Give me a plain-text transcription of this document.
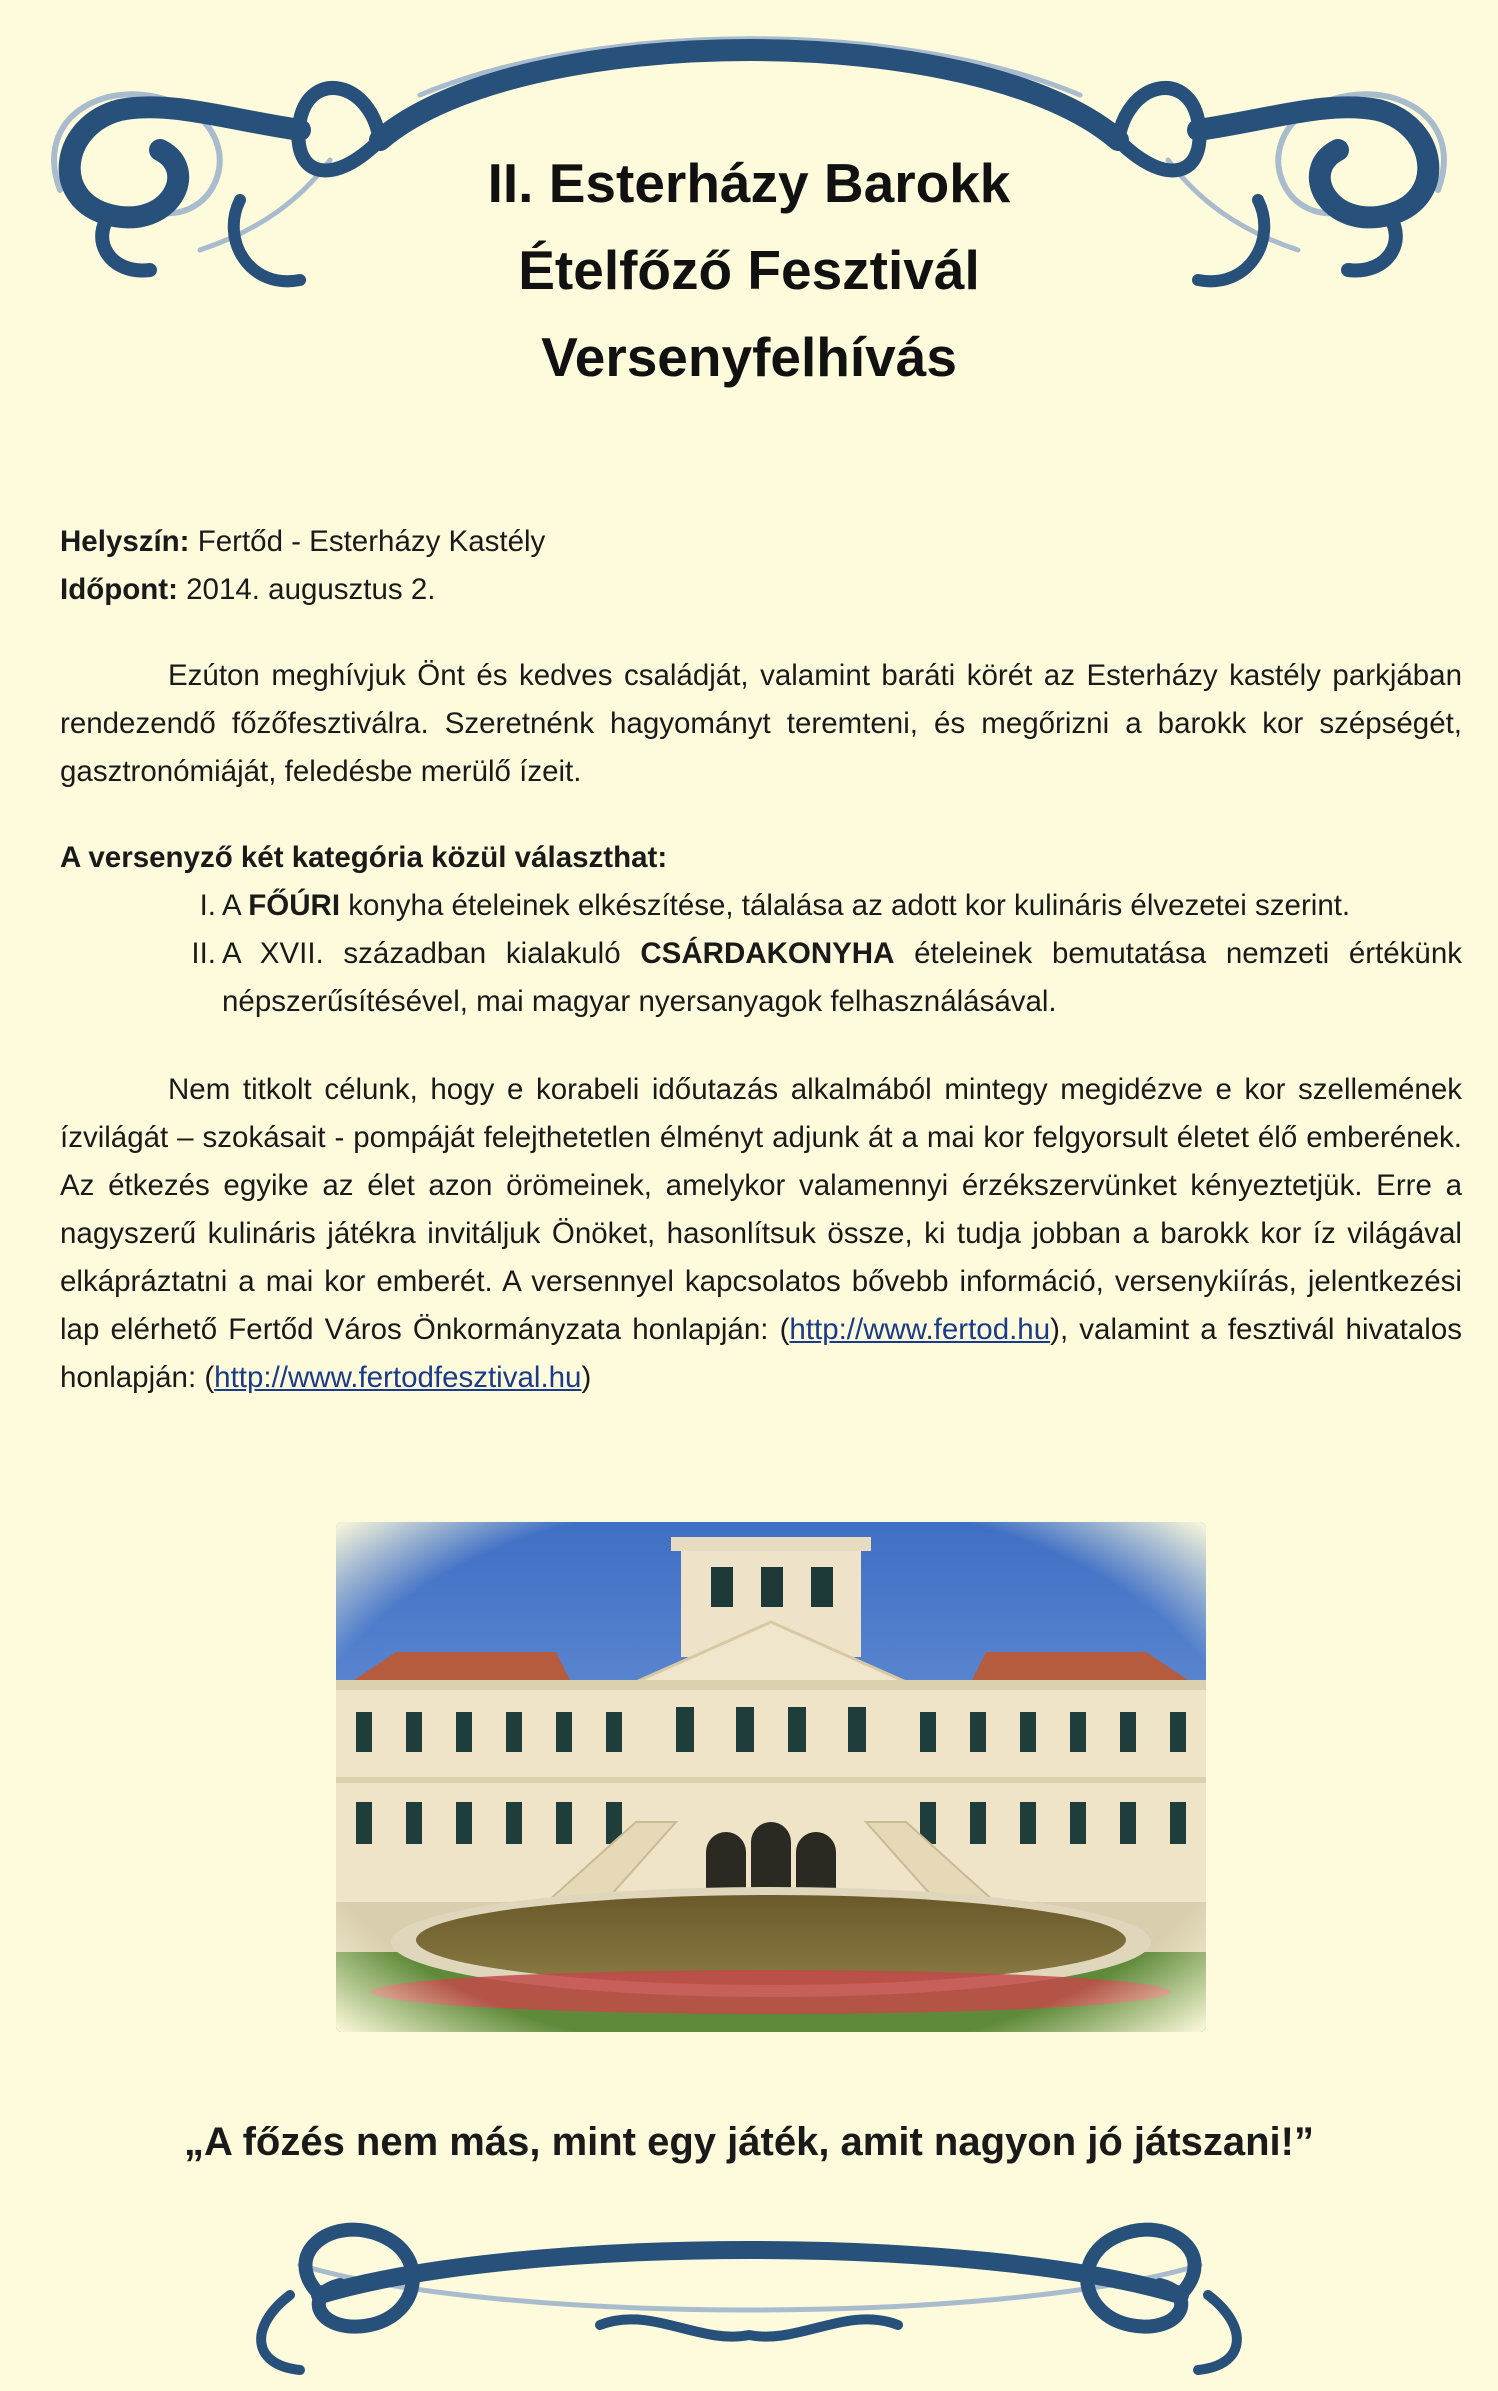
II. Esterházy Barokk
Ételfőző Fesztivál
Versenyfelhívás

Helyszín: Fertőd - Esterházy Kastély

Időpont: 2014. augusztus 2.

Ezúton meghívjuk Önt és kedves családját, valamint baráti körét az Esterházy kastély parkjában rendezendő főzőfesztiválra. Szeretnénk hagyományt teremteni, és megőrizni a barokk kor szépségét, gasztronómiáját, feledésbe merülő ízeit.

A versenyző két kategória közül választhat:
I. A FŐÚRI konyha ételeinek elkészítése, tálalása az adott kor kulináris élvezetei szerint.
II. A XVII. században kialakuló CSÁRDAKONYHA ételeinek bemutatása nemzeti értékünk népszerűsítésével, mai magyar nyersanyagok felhasználásával.

Nem titkolt célunk, hogy e korabeli időutazás alkalmából mintegy megidézve e kor szellemének ízvilágát – szokásait - pompáját felejthetetlen élményt adjunk át a mai kor felgyorsult életet élő emberének. Az étkezés egyike az élet azon örömeinek, amelykor valamennyi érzékszervünket kényeztetjük. Erre a nagyszerű kulináris játékra invitáljuk Önöket, hasonlítsuk össze, ki tudja jobban a barokk kor íz világával elkápráztatni a mai kor emberét. A versennyel kapcsolatos bővebb információ, versenykiírás, jelentkezési lap elérhető Fertőd Város Önkormányzata honlapján: (http://www.fertod.hu), valamint a fesztivál hivatalos honlapján: (http://www.fertodfesztival.hu)

„A főzés nem más, mint egy játék, amit nagyon jó játszani!”
